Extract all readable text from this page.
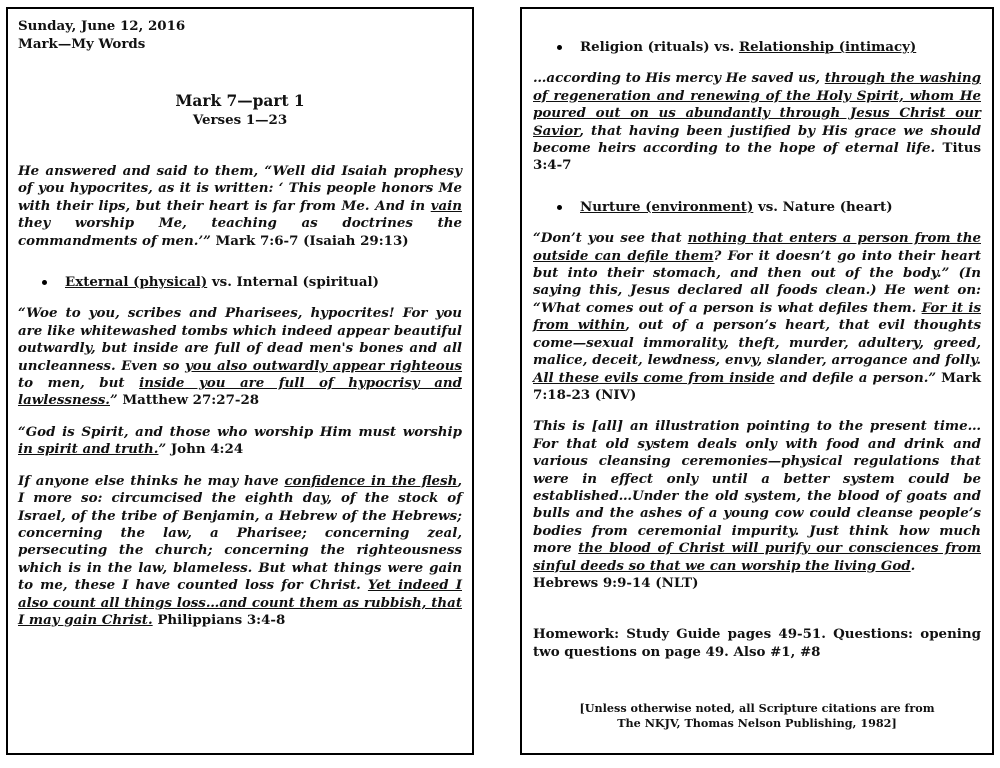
Sunday, June 12, 2016
Mark—My Words
Mark 7—part 1
Verses 1—23

He answered and said to them, “Well did Isaiah prophesy of you hypocrites, as it is written: ‘ This people honors Me with their lips, but their heart is far from Me. And in vain they worship Me, teaching as doctrines the commandments of men.’” Mark 7:6-7 (Isaiah 29:13)

External (physical) vs. Internal (spiritual)

“Woe to you, scribes and Pharisees, hypocrites! For you are like whitewashed tombs which indeed appear beautiful outwardly, but inside are full of dead men's bones and all uncleanness. Even so you also outwardly appear righteous to men, but inside you are full of hypocrisy and lawlessness.” Matthew 27:27-28

“God is Spirit, and those who worship Him must worship in spirit and truth.” John 4:24

If anyone else thinks he may have confidence in the flesh, I more so: circumcised the eighth day, of the stock of Israel, of the tribe of Benjamin, a Hebrew of the Hebrews; concerning the law, a Pharisee; concerning zeal, persecuting the church; concerning the righteousness which is in the law, blameless. But what things were gain to me, these I have counted loss for Christ. Yet indeed I also count all things loss…and count them as rubbish, that I may gain Christ. Philippians 3:4-8

Religion (rituals) vs. Relationship (intimacy)

…according to His mercy He saved us, through the washing of regeneration and renewing of the Holy Spirit, whom He poured out on us abundantly through Jesus Christ our Savior, that having been justified by His grace we should become heirs according to the hope of eternal life. Titus 3:4-7

Nurture (environment) vs. Nature (heart)

“Don’t you see that nothing that enters a person from the outside can defile them? For it doesn’t go into their heart but into their stomach, and then out of the body.” (In saying this, Jesus declared all foods clean.) He went on: “What comes out of a person is what defiles them. For it is from within, out of a person’s heart, that evil thoughts come—sexual immorality, theft, murder, adultery, greed, malice, deceit, lewdness, envy, slander, arrogance and folly. All these evils come from inside and defile a person.” Mark 7:18-23 (NIV)

This is [all] an illustration pointing to the present time…For that old system deals only with food and drink and various cleansing ceremonies—physical regulations that were in effect only until a better system could be established…Under the old system, the blood of goats and bulls and the ashes of a young cow could cleanse people’s bodies from ceremonial impurity. Just think how much more the blood of Christ will purify our consciences from sinful deeds so that we can worship the living God.
Hebrews 9:9-14 (NLT)

Homework: Study Guide pages 49-51. Questions: opening two questions on page 49. Also #1, #8

[Unless otherwise noted, all Scripture citations are from
The NKJV, Thomas Nelson Publishing, 1982]
